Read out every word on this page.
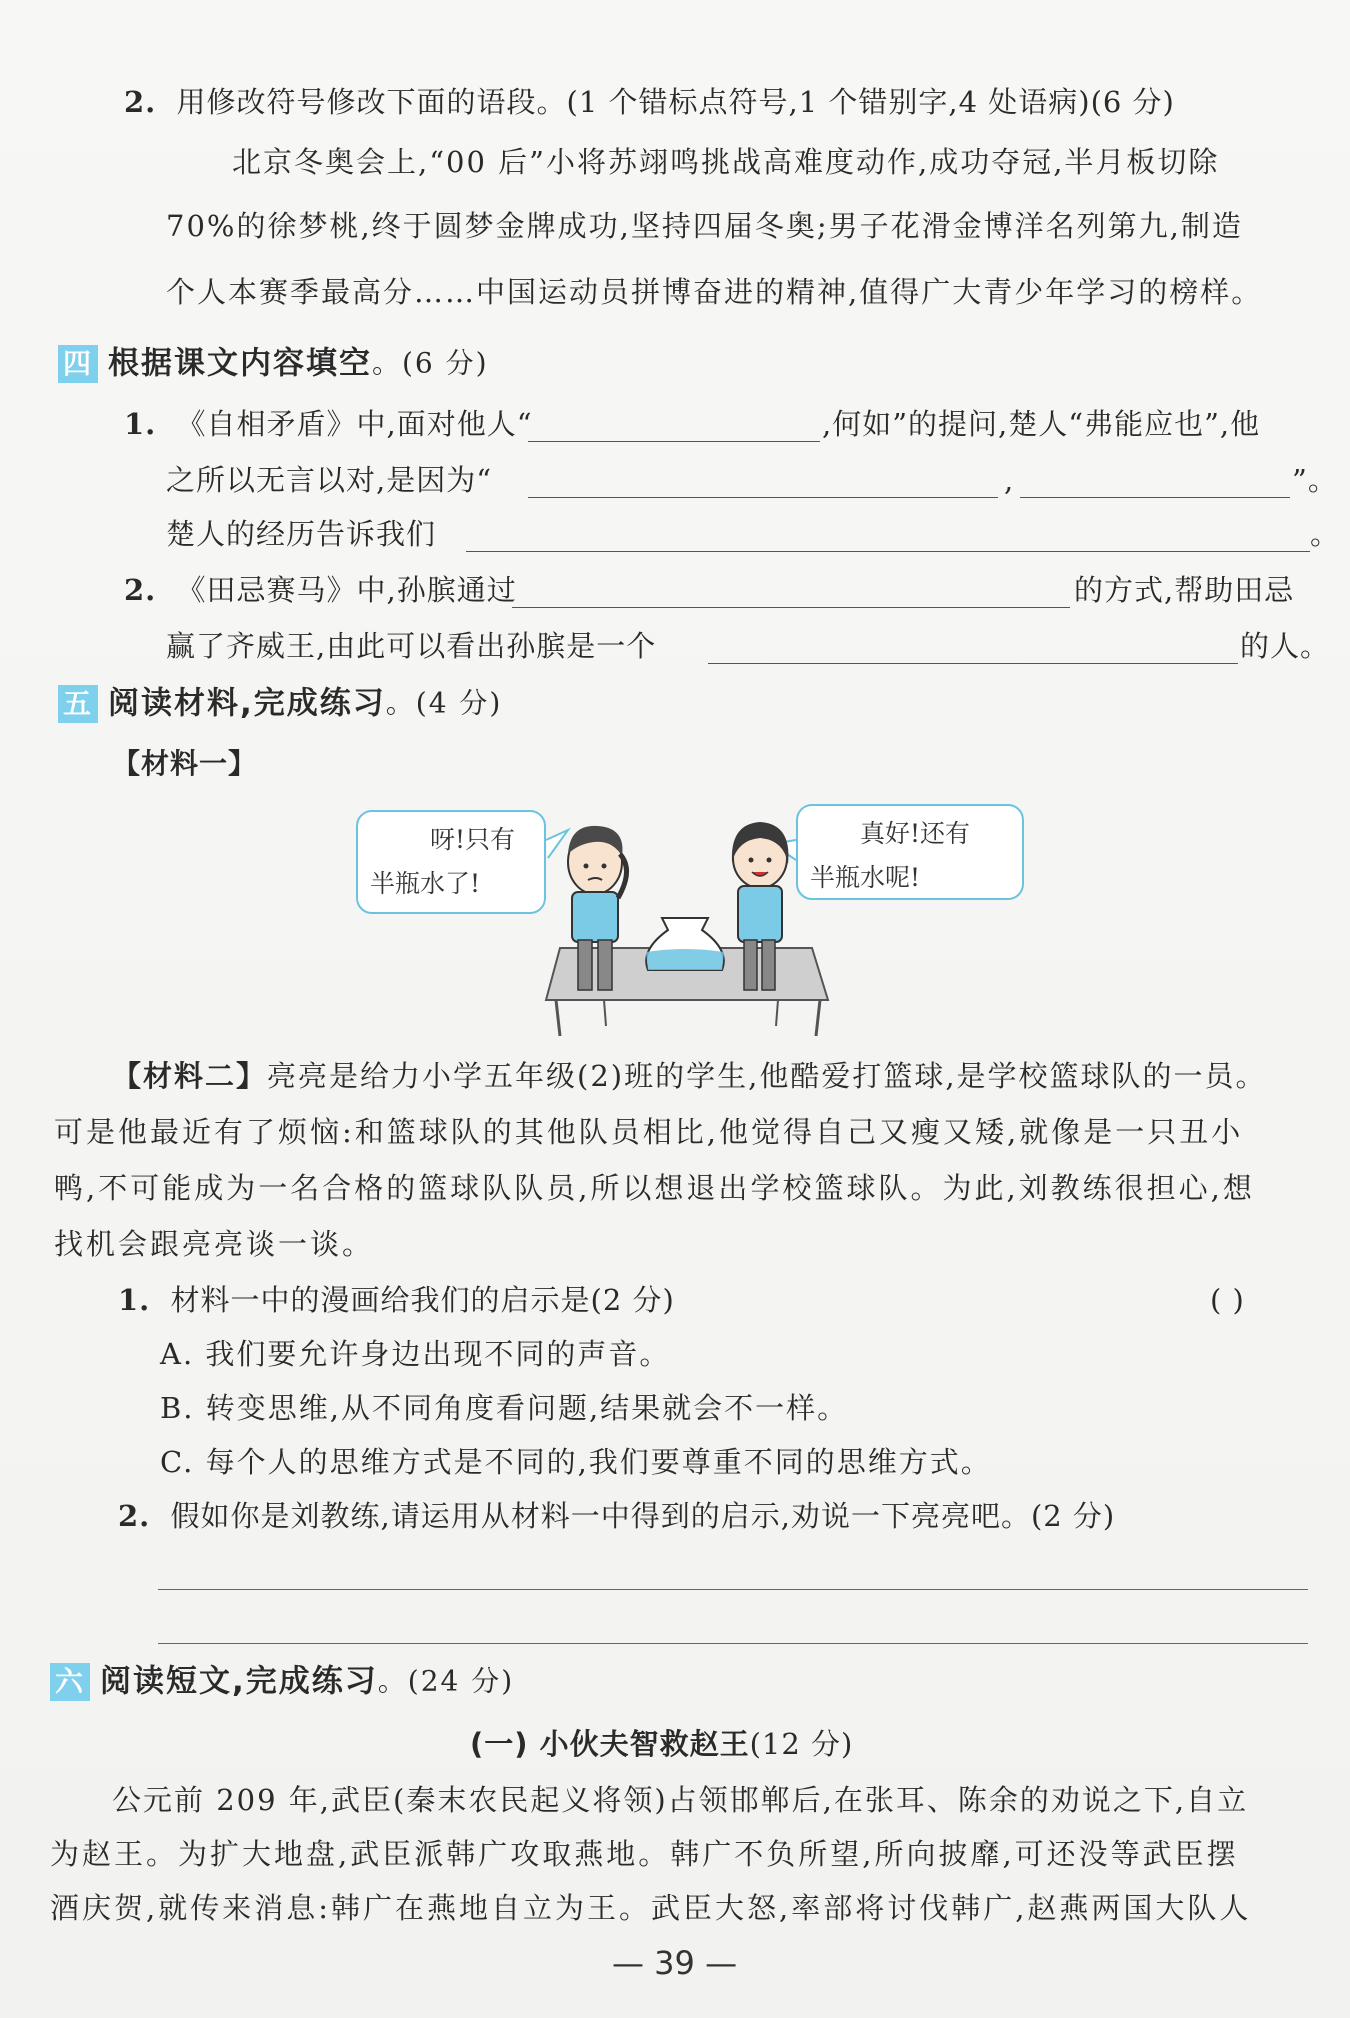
2. 用修改符号修改下面的语段。(1 个错标点符号,1 个错别字,4 处语病)(6 分)
北京冬奥会上,“00 后”小将苏翊鸣挑战高难度动作,成功夺冠,半月板切除
70%的徐梦桃,终于圆梦金牌成功,坚持四届冬奥;男子花滑金博洋名列第九,制造
个人本赛季最高分……中国运动员拼博奋进的精神,值得广大青少年学习的榜样。
四 根据课文内容填空。(6 分)
1. 《自相矛盾》中,面对他人“	,何如”的提问,楚人“弗能应也”,他
之所以无言以对,是因为“	,	”。
楚人的经历告诉我们	。
2. 《田忌赛马》中,孙膑通过	的方式,帮助田忌
赢了齐威王,由此可以看出孙膑是一个	的人。
五 阅读材料,完成练习。(4 分)
【材料一】
呀!只有
半瓶水了!
真好!还有
半瓶水呢!
【材料二】亮亮是给力小学五年级(2)班的学生,他酷爱打篮球,是学校篮球队的一员。
可是他最近有了烦恼:和篮球队的其他队员相比,他觉得自己又瘦又矮,就像是一只丑小
鸭,不可能成为一名合格的篮球队队员,所以想退出学校篮球队。为此,刘教练很担心,想
找机会跟亮亮谈一谈。
1. 材料一中的漫画给我们的启示是(2 分)	( )
A. 我们要允许身边出现不同的声音。
B. 转变思维,从不同角度看问题,结果就会不一样。
C. 每个人的思维方式是不同的,我们要尊重不同的思维方式。
2. 假如你是刘教练,请运用从材料一中得到的启示,劝说一下亮亮吧。(2 分)
六 阅读短文,完成练习。(24 分)
(一) 小伙夫智救赵王(12 分)
公元前 209 年,武臣(秦末农民起义将领)占领邯郸后,在张耳、陈余的劝说之下,自立
为赵王。为扩大地盘,武臣派韩广攻取燕地。韩广不负所望,所向披靡,可还没等武臣摆
酒庆贺,就传来消息:韩广在燕地自立为王。武臣大怒,率部将讨伐韩广,赵燕两国大队人
— 39 —
